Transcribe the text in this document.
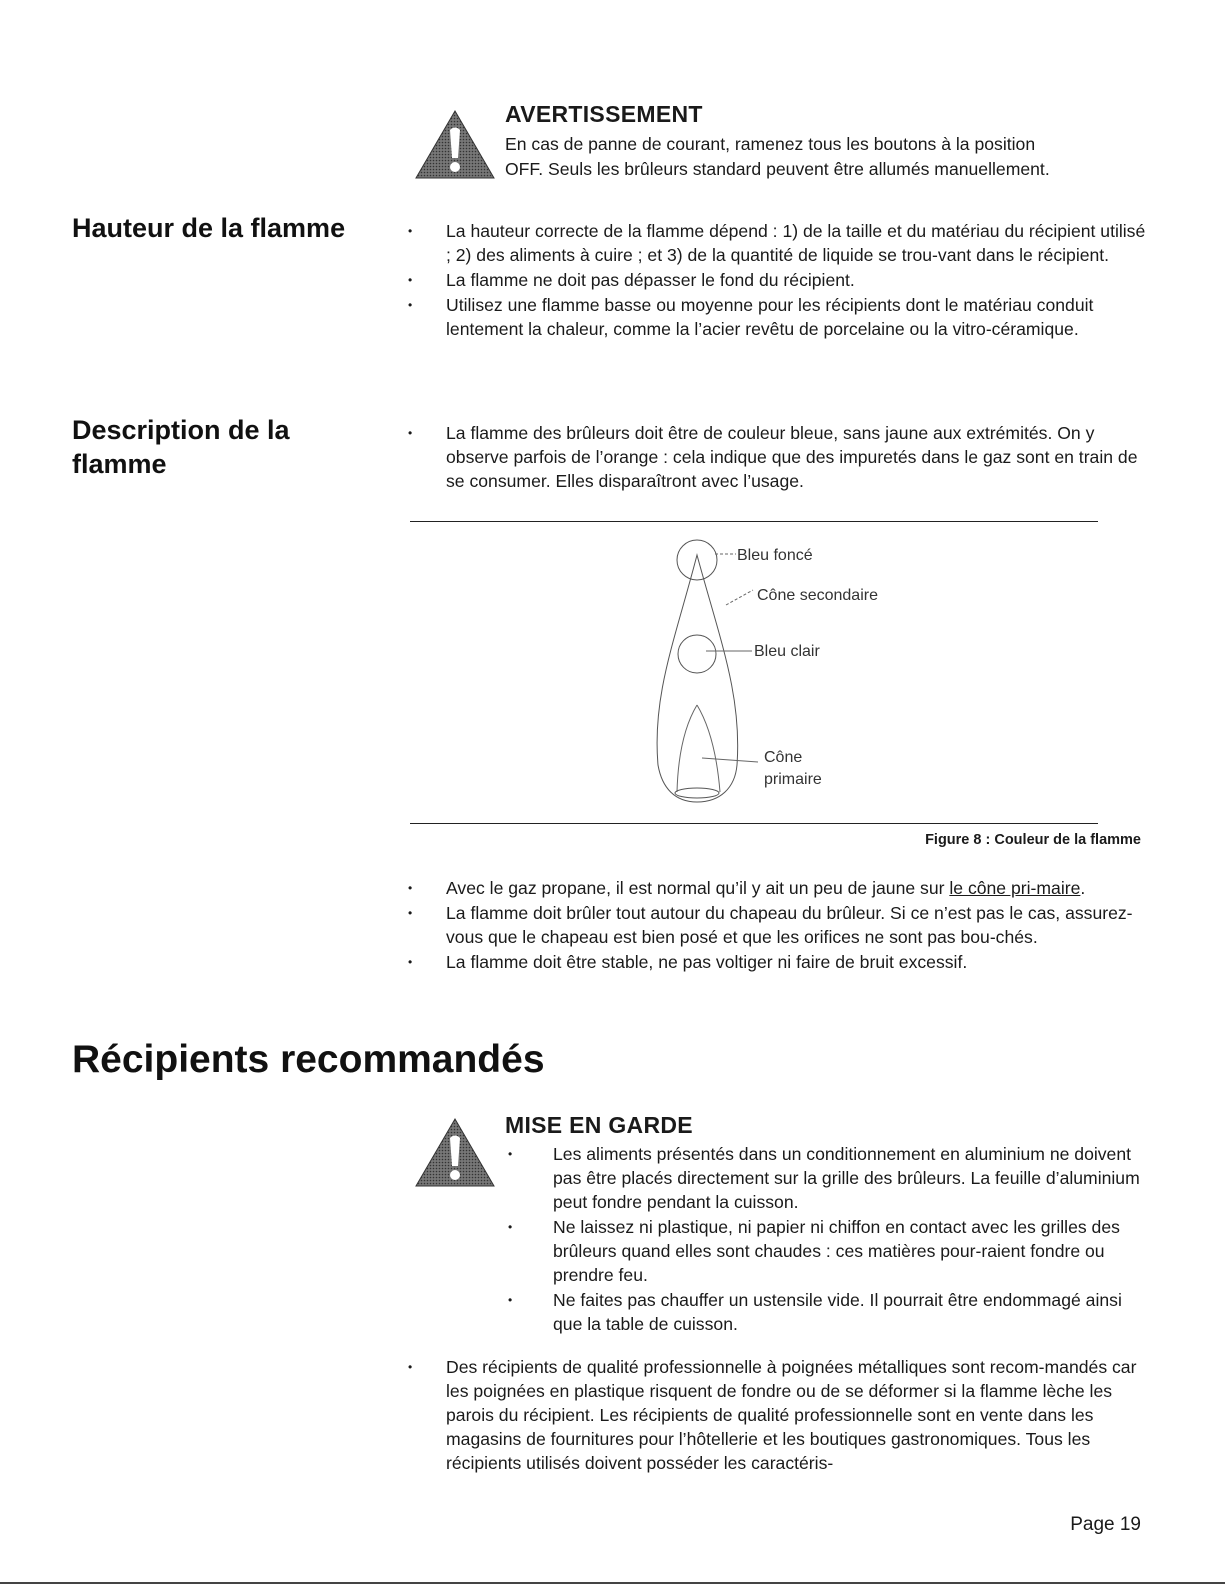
AVERTISSEMENT
En cas de panne de courant, ramenez tous les boutons à la position
OFF. Seuls les brûleurs standard peuvent être allumés manuellement.
Hauteur de la flamme
•	La hauteur correcte de la flamme dépend : 1) de la taille et du matériau du récipient utilisé ; 2) des aliments à cuire ; et 3) de la quantité de liquide se trou-vant dans le récipient.
• La flamme ne doit pas dépasser le fond du récipient.
• Utilisez une flamme basse ou moyenne pour les récipients dont le matériau conduit lentement la chaleur, comme la l’acier revêtu de porcelaine ou la vitro-céramique.
Description de la
flamme
• La flamme des brûleurs doit être de couleur bleue, sans jaune aux extrémités. On y observe parfois de l’orange : cela indique que des impuretés dans le gaz sont en train de se consumer. Elles disparaîtront avec l’usage.
Bleu foncé
Cône secondaire
Bleu clair
Cône
primaire
Figure 8 : Couleur de la flamme
• Avec le gaz propane, il est normal qu’il y ait un peu de jaune sur le cône pri-maire.
• La flamme doit brûler tout autour du chapeau du brûleur. Si ce n’est pas le cas, assurez-vous que le chapeau est bien posé et que les orifices ne sont pas bou-chés.
• La flamme doit être stable, ne pas voltiger ni faire de bruit excessif.
Récipients recommandés
MISE EN GARDE
• Les aliments présentés dans un conditionnement en aluminium ne doivent pas être placés directement sur la grille des brûleurs. La feuille d’aluminium peut fondre pendant la cuisson.
• Ne laissez ni plastique, ni papier ni chiffon en contact avec les grilles des brûleurs quand elles sont chaudes : ces matières pour-raient fondre ou prendre feu.
• Ne faites pas chauffer un ustensile vide. Il pourrait être endommagé ainsi que la table de cuisson.
• Des récipients de qualité professionnelle à poignées métalliques sont recom-mandés car les poignées en plastique risquent de fondre ou de se déformer si la flamme lèche les parois du récipient. Les récipients de qualité professionnelle sont en vente dans les magasins de fournitures pour l’hôtellerie et les boutiques gastronomiques. Tous les récipients utilisés doivent posséder les caractéris-
Page 19
